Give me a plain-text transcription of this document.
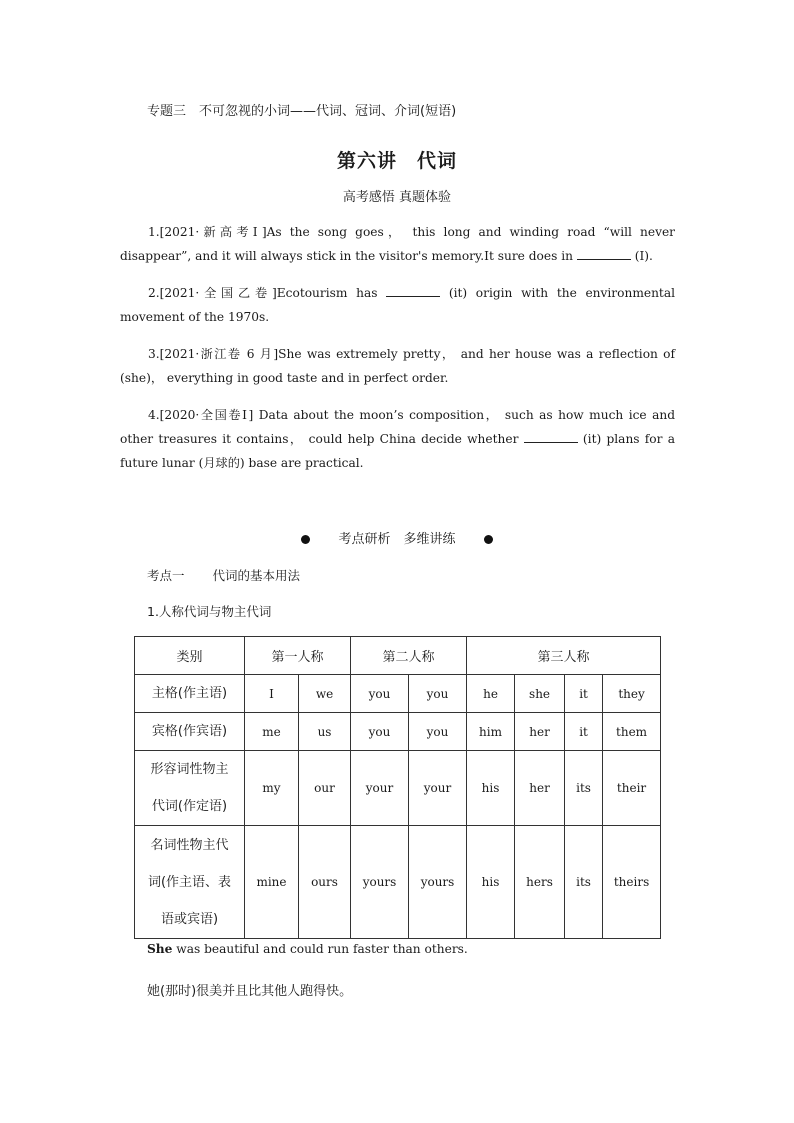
专题三　不可忽视的小词——代词、冠词、介词(短语)
第六讲　代词
高考感悟 真题体验

1.[2021·新高考Ⅰ]As the song goes， this long and winding road “will never disappear”, and it will always stick in the visitor's memory.It sure does in	(I).

2.[2021·全国乙卷]Ecotourism has	(it) origin with the environmental movement of the 1970s.

3.[2021·浙江卷 6 月]She was extremely pretty， and her house was a reflection of (she)， everything in good taste and in perfect order.

4.[2020·全国卷Ⅰ] Data about the moon’s composition， such as how much ice and other treasures it contains， could help China decide whether	(it) plans for a future lunar (月球的) base are practical.

考点研析　多维讲练
考点一 代词的基本用法
1.人称代词与物主代词
类别	第一人称		第二人称		第三人称			
主格(作主语)	I	we	you	you	he	she	it	they
宾格(作宾语)	me	us	you	you	him	her	it	them

形容词性物主
代词(作定语)	my	our	your	your	his	her	its	their

名词性物主代
词(作主语、表
语或宾语)	mine	ours	yours	yours	his	hers	its	theirs
She was beautiful and could run faster than others.
她(那时)很美并且比其他人跑得快。
